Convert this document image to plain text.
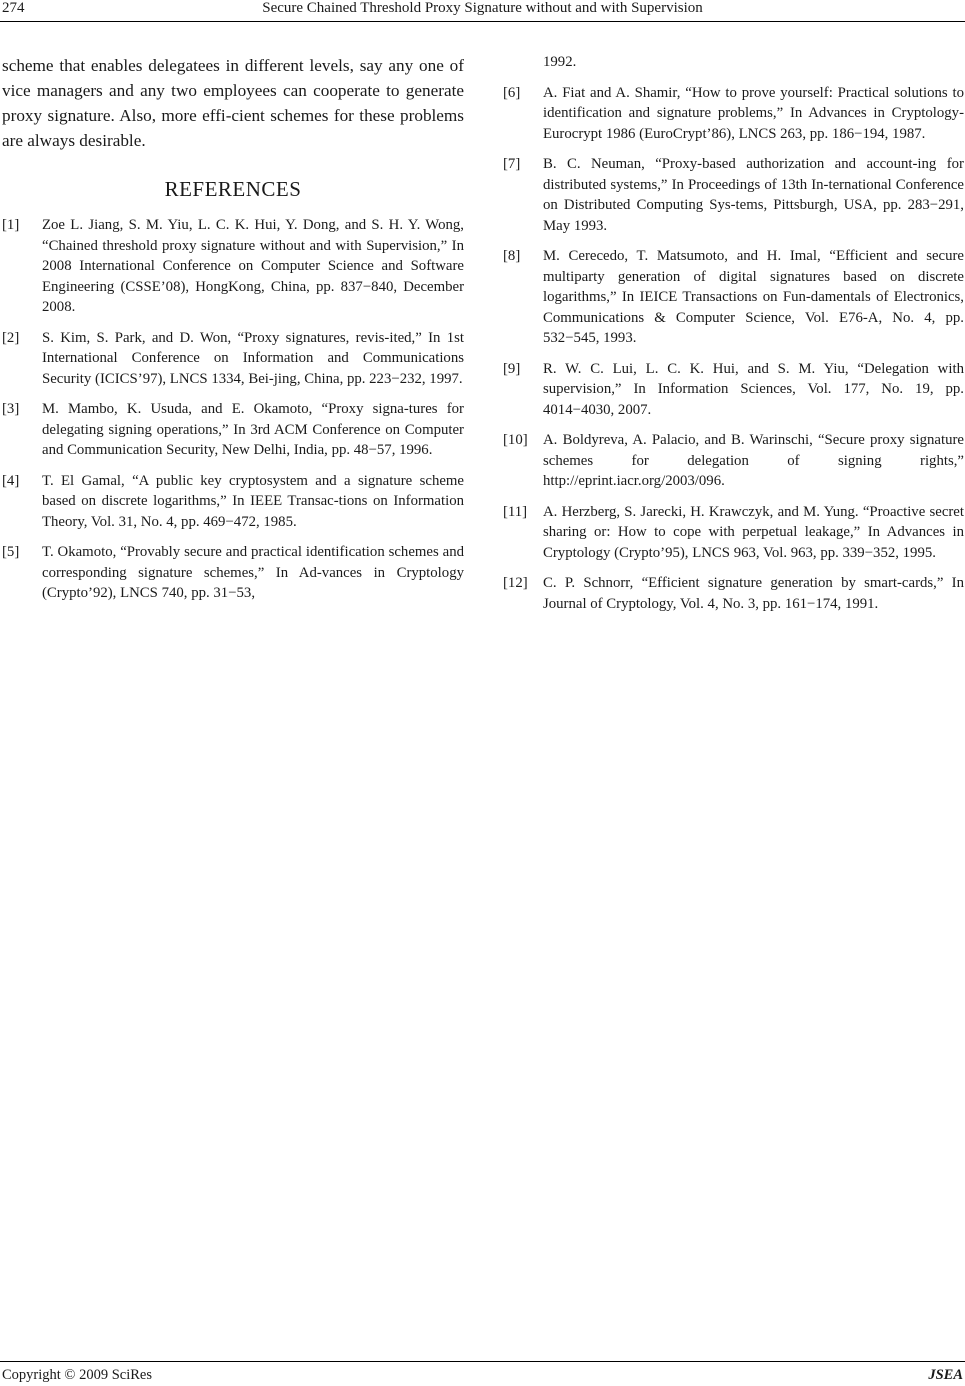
274	Secure Chained Threshold Proxy Signature without and with Supervision

scheme that enables delegatees in different levels, say any one of vice managers and any two employees can cooperate to generate proxy signature. Also, more effi-cient schemes for these problems are always desirable.

REFERENCES
[1]	Zoe L. Jiang, S. M. Yiu, L. C. K. Hui, Y. Dong, and S. H. Y. Wong, “Chained threshold proxy signature without and with Supervision,” In 2008 International Conference on Computer Science and Software Engineering (CSSE’08), HongKong, China, pp. 837−840, December 2008.
[2]	S. Kim, S. Park, and D. Won, “Proxy signatures, revis-ited,” In 1st International Conference on Information and Communications Security (ICICS’97), LNCS 1334, Bei-jing, China, pp. 223−232, 1997.
[3]	M. Mambo, K. Usuda, and E. Okamoto, “Proxy signa-tures for delegating signing operations,” In 3rd ACM Conference on Computer and Communication Security, New Delhi, India, pp. 48−57, 1996.
[4]	T. El Gamal, “A public key cryptosystem and a signature scheme based on discrete logarithms,” In IEEE Transac-tions on Information Theory, Vol. 31, No. 4, pp. 469−472, 1985.
[5]	T. Okamoto, “Provably secure and practical identification schemes and corresponding signature schemes,” In Ad-vances in Cryptology (Crypto’92), LNCS 740, pp. 31−53,
1992.
[6]	A. Fiat and A. Shamir, “How to prove yourself: Practical solutions to identification and signature problems,” In Advances in Cryptology-Eurocrypt 1986 (EuroCrypt’86), LNCS 263, pp. 186−194, 1987.
[7]	B. C. Neuman, “Proxy-based authorization and account-ing for distributed systems,” In Proceedings of 13th In-ternational Conference on Distributed Computing Sys-tems, Pittsburgh, USA, pp. 283−291, May 1993.
[8]	M. Cerecedo, T. Matsumoto, and H. Imal, “Efficient and secure multiparty generation of digital signatures based on discrete logarithms,” In IEICE Transactions on Fun-damentals of Electronics, Communications & Computer Science, Vol. E76-A, No. 4, pp. 532−545, 1993.
[9]	R. W. C. Lui, L. C. K. Hui, and S. M. Yiu, “Delegation with supervision,” In Information Sciences, Vol. 177, No. 19, pp. 4014−4030, 2007.
[10]	A. Boldyreva, A. Palacio, and B. Warinschi, “Secure proxy signature schemes for delegation of signing rights,” http://eprint.iacr.org/2003/096.
[11]	A. Herzberg, S. Jarecki, H. Krawczyk, and M. Yung. “Proactive secret sharing or: How to cope with perpetual leakage,” In Advances in Cryptology (Crypto’95), LNCS 963, Vol. 963, pp. 339−352, 1995.
[12]	C. P. Schnorr, “Efficient signature generation by smart-cards,” In Journal of Cryptology, Vol. 4, No. 3, pp. 161−174, 1991.
Copyright © 2009 SciRes	JSEA
